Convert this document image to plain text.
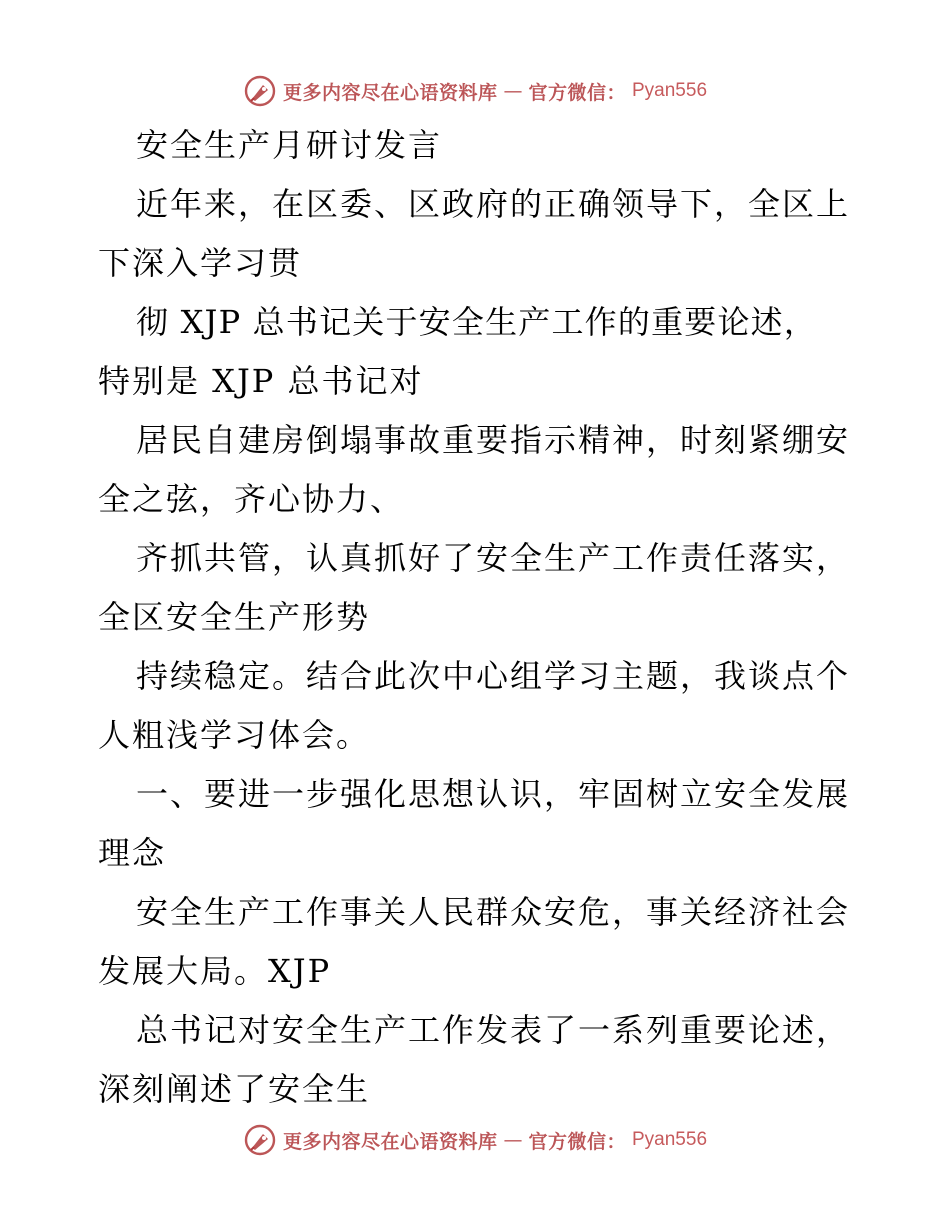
更多内容尽在心语资料库 — 官方微信： Pyan556
安全生产月研讨发言
近年来，在区委、区政府的正确领导下，全区上
下深入学习贯
彻 XJP 总书记关于安全生产工作的重要论述，
特别是 XJP 总书记对
居民自建房倒塌事故重要指示精神，时刻紧绷安
全之弦，齐心协力、
齐抓共管，认真抓好了安全生产工作责任落实，
全区安全生产形势
持续稳定。结合此次中心组学习主题，我谈点个
人粗浅学习体会。
一、要进一步强化思想认识，牢固树立安全发展
理念
安全生产工作事关人民群众安危，事关经济社会
发展大局。XJP
总书记对安全生产工作发表了一系列重要论述，
深刻阐述了安全生
更多内容尽在心语资料库 — 官方微信： Pyan556
